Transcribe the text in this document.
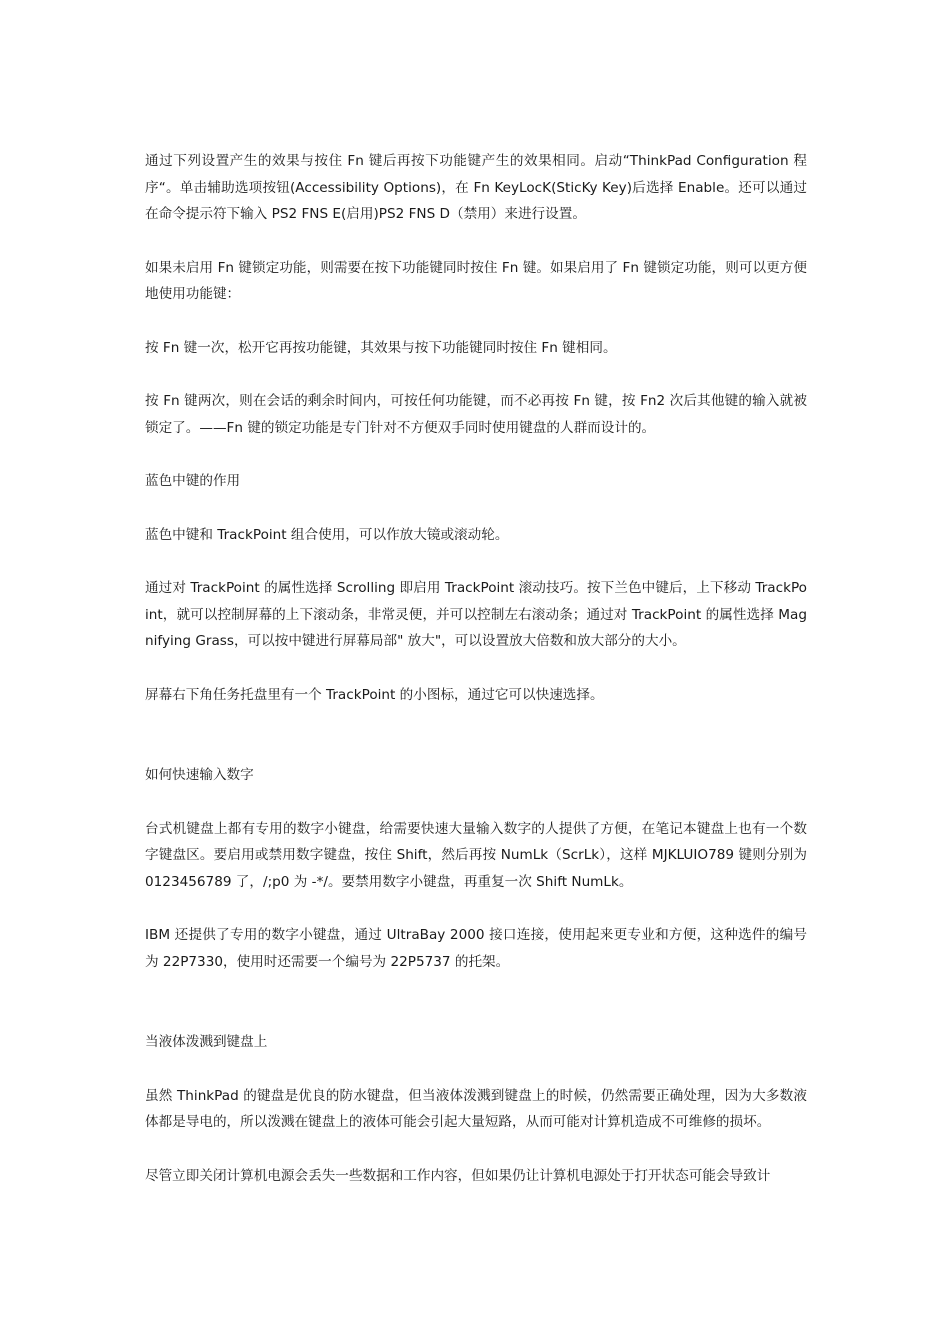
通过下列设置产生的效果与按住 Fn 键后再按下功能键产生的效果相同。启动“ThinkPad Configuration 程序“。单击辅助选项按钮(Accessibility Options)，在 Fn KeyLocK(SticKy Key)后选择 Enable。还可以通过在命令提示符下输入 PS2 FNS E(启用)PS2 FNS D（禁用）来进行设置。

如果未启用 Fn 键锁定功能，则需要在按下功能键同时按住 Fn 键。如果启用了 Fn 键锁定功能，则可以更方便地使用功能键：

按 Fn 键一次，松开它再按功能键，其效果与按下功能键同时按住 Fn 键相同。

按 Fn 键两次，则在会话的剩余时间内，可按任何功能键，而不必再按 Fn 键，按 Fn2 次后其他键的输入就被锁定了。——Fn 键的锁定功能是专门针对不方便双手同时使用键盘的人群而设计的。

蓝色中键的作用

蓝色中键和 TrackPoint 组合使用，可以作放大镜或滚动轮。

通过对 TrackPoint 的属性选择 Scrolling 即启用 TrackPoint 滚动技巧。按下兰色中键后，上下移动 TrackPoint，就可以控制屏幕的上下滚动条，非常灵便，并可以控制左右滚动条；通过对 TrackPoint 的属性选择 Magnifying Grass，可以按中键进行屏幕局部" 放大"，可以设置放大倍数和放大部分的大小。

屏幕右下角任务托盘里有一个 TrackPoint 的小图标，通过它可以快速选择。

如何快速输入数字

台式机键盘上都有专用的数字小键盘，给需要快速大量输入数字的人提供了方便，在笔记本键盘上也有一个数字键盘区。要启用或禁用数字键盘，按住 Shift，然后再按 NumLk（ScrLk），这样 MJKLUIO789 键则分别为 0123456789 了，/;p0 为 -*/。要禁用数字小键盘，再重复一次 Shift NumLk。

IBM 还提供了专用的数字小键盘，通过 UltraBay 2000 接口连接，使用起来更专业和方便，这种选件的编号为 22P7330，使用时还需要一个编号为 22P5737 的托架。

当液体泼溅到键盘上

虽然 ThinkPad 的键盘是优良的防水键盘，但当液体泼溅到键盘上的时候，仍然需要正确处理，因为大多数液体都是导电的，所以泼溅在键盘上的液体可能会引起大量短路，从而可能对计算机造成不可维修的损坏。

尽管立即关闭计算机电源会丢失一些数据和工作内容，但如果仍让计算机电源处于打开状态可能会导致计
